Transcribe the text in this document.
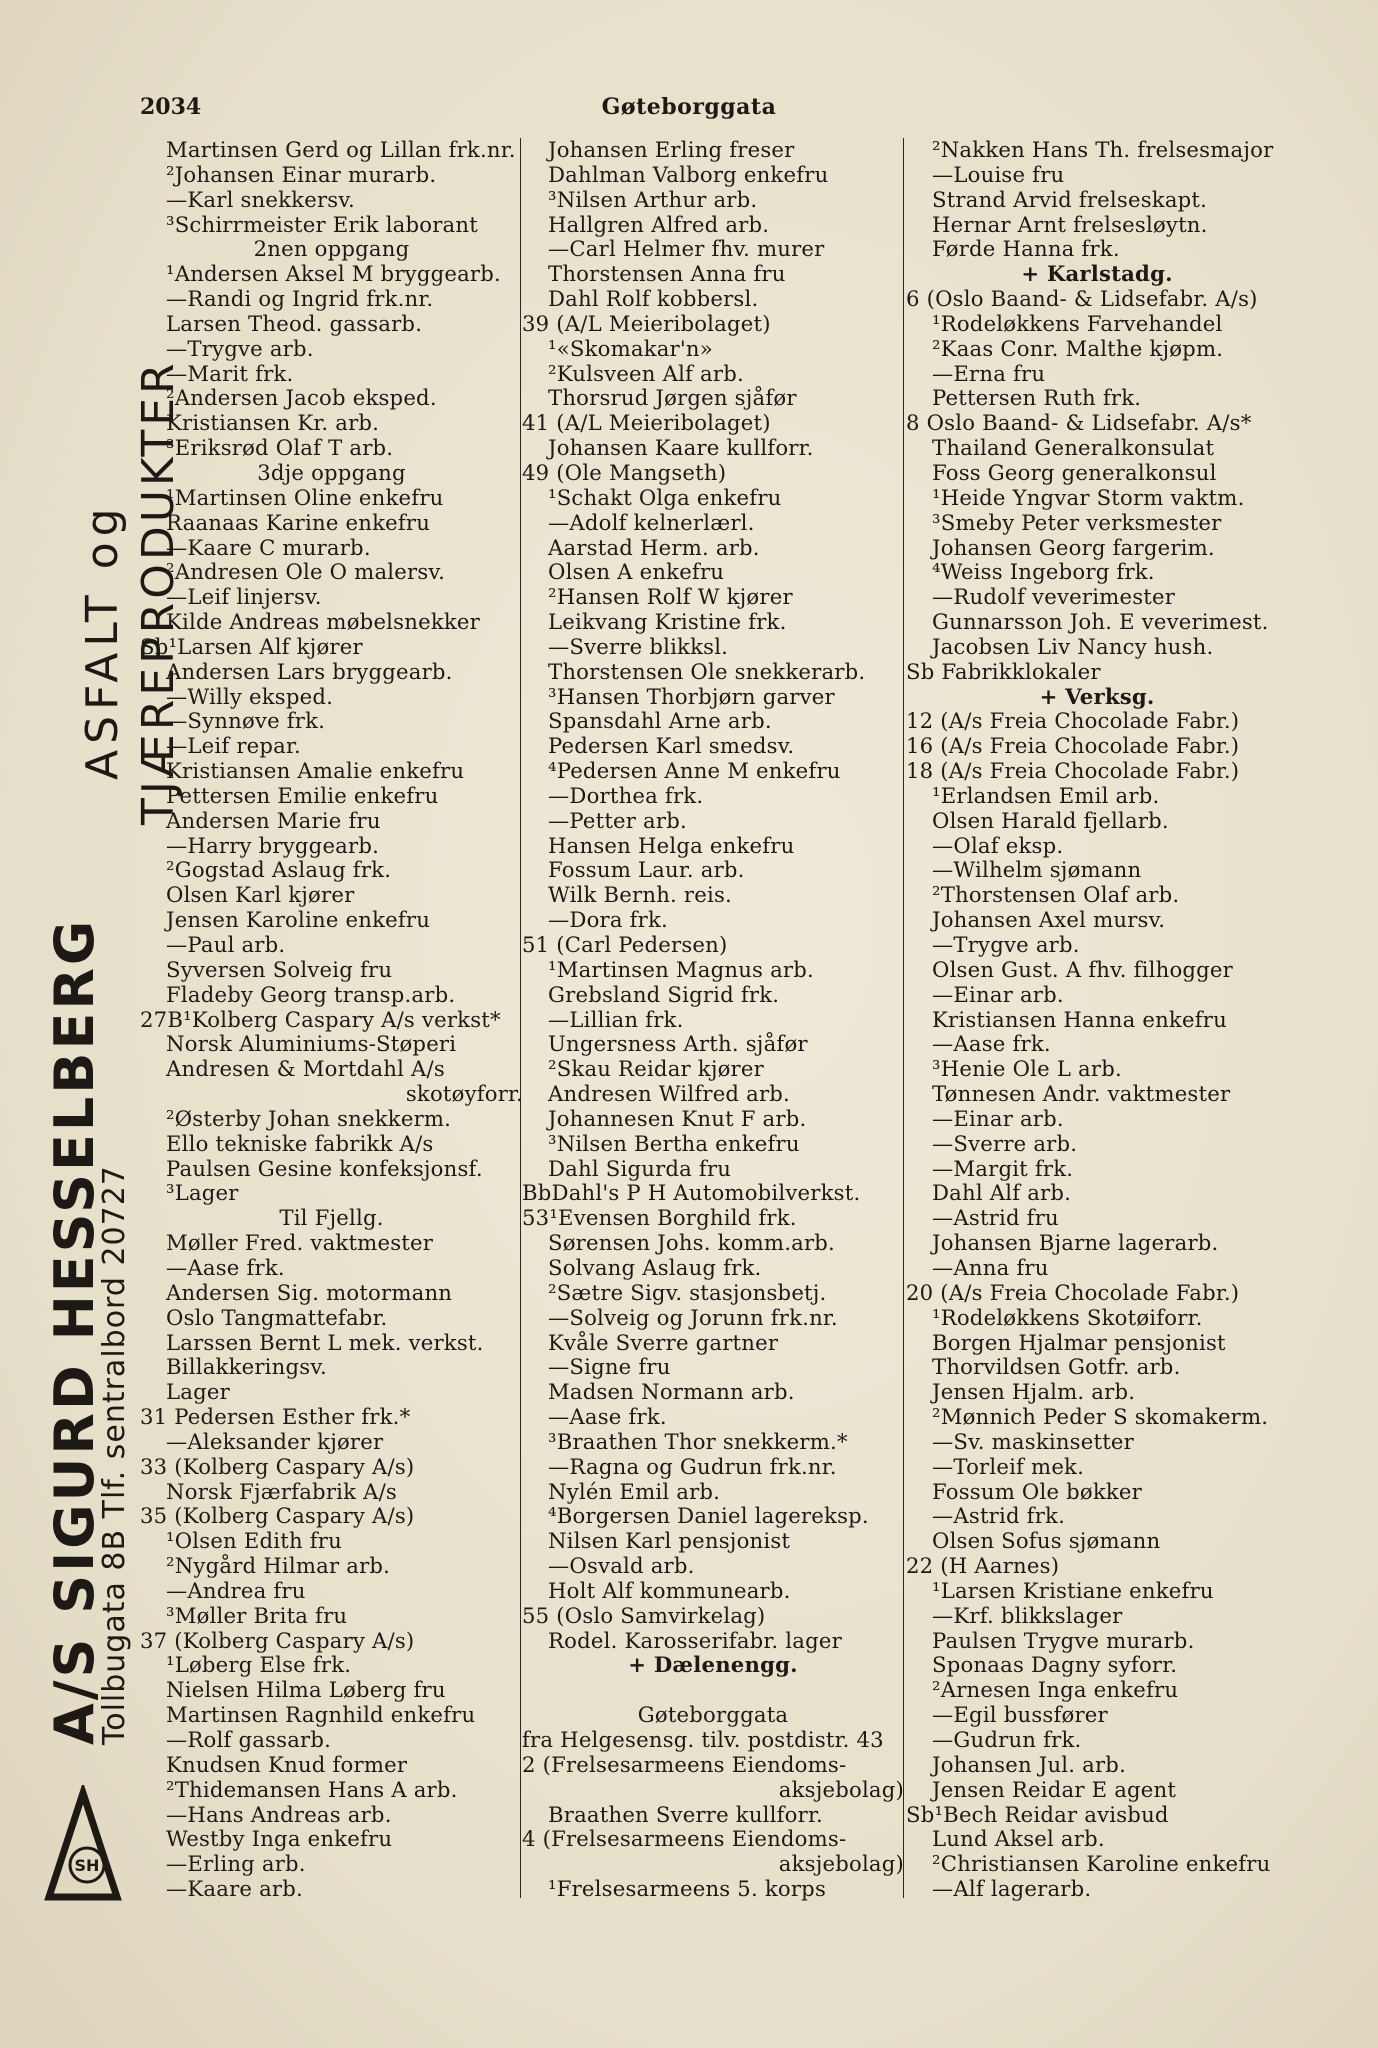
2034	Gøteborggata
A/S SIGURD HESSELBERG
Tollbugata 8B Tlf. sentralbord 20727
ASFALT og TJÆREPRODUKTER
SH
Martinsen Gerd og Lillan frk.nr.
²Johansen Einar murarb.
—Karl snekkersv.
³Schirrmeister Erik laborant
2nen oppgang
¹Andersen Aksel M bryggearb.
—Randi og Ingrid frk.nr.
Larsen Theod. gassarb.
—Trygve arb.
—Marit frk.
²Andersen Jacob eksped.
Kristiansen Kr. arb.
³Eriksrød Olaf T arb.
3dje oppgang
¹Martinsen Oline enkefru
Raanaas Karine enkefru
—Kaare C murarb.
²Andresen Ole O malersv.
—Leif linjersv.
Kilde Andreas møbelsnekker
Sb¹Larsen Alf kjører
Andersen Lars bryggearb.
—Willy eksped.
—Synnøve frk.
—Leif repar.
Kristiansen Amalie enkefru
Pettersen Emilie enkefru
Andersen Marie fru
—Harry bryggearb.
²Gogstad Aslaug frk.
Olsen Karl kjører
Jensen Karoline enkefru
—Paul arb.
Syversen Solveig fru
Fladeby Georg transp.arb.
27B¹Kolberg Caspary A/s verkst*
Norsk Aluminiums-Støperi
Andresen & Mortdahl A/s
skotøyforr.
²Østerby Johan snekkerm.
Ello tekniske fabrikk A/s
Paulsen Gesine konfeksjonsf.
³Lager
Til Fjellg.
Møller Fred. vaktmester
—Aase frk.
Andersen Sig. motormann
Oslo Tangmattefabr.
Larssen Bernt L mek. verkst.
Billakkeringsv.
Lager
31 Pedersen Esther frk.*
—Aleksander kjører
33 (Kolberg Caspary A/s)
Norsk Fjærfabrik A/s
35 (Kolberg Caspary A/s)
¹Olsen Edith fru
²Nygård Hilmar arb.
—Andrea fru
³Møller Brita fru
37 (Kolberg Caspary A/s)
¹Løberg Else frk.
Nielsen Hilma Løberg fru
Martinsen Ragnhild enkefru
—Rolf gassarb.
Knudsen Knud former
²Thidemansen Hans A arb.
—Hans Andreas arb.
Westby Inga enkefru
—Erling arb.
—Kaare arb.
Johansen Erling freser
Dahlman Valborg enkefru
³Nilsen Arthur arb.
Hallgren Alfred arb.
—Carl Helmer fhv. murer
Thorstensen Anna fru
Dahl Rolf kobbersl.
39 (A/L Meieribolaget)
¹«Skomakar'n»
²Kulsveen Alf arb.
Thorsrud Jørgen sjåfør
41 (A/L Meieribolaget)
Johansen Kaare kullforr.
49 (Ole Mangseth)
¹Schakt Olga enkefru
—Adolf kelnerlærl.
Aarstad Herm. arb.
Olsen A enkefru
²Hansen Rolf W kjører
Leikvang Kristine frk.
—Sverre blikksl.
Thorstensen Ole snekkerarb.
³Hansen Thorbjørn garver
Spansdahl Arne arb.
Pedersen Karl smedsv.
⁴Pedersen Anne M enkefru
—Dorthea frk.
—Petter arb.
Hansen Helga enkefru
Fossum Laur. arb.
Wilk Bernh. reis.
—Dora frk.
51 (Carl Pedersen)
¹Martinsen Magnus arb.
Grebsland Sigrid frk.
—Lillian frk.
Ungersness Arth. sjåfør
²Skau Reidar kjører
Andresen Wilfred arb.
Johannesen Knut F arb.
³Nilsen Bertha enkefru
Dahl Sigurda fru
BbDahl's P H Automobilverkst.
53¹Evensen Borghild frk.
Sørensen Johs. komm.arb.
Solvang Aslaug frk.
²Sætre Sigv. stasjonsbetj.
—Solveig og Jorunn frk.nr.
Kvåle Sverre gartner
—Signe fru
Madsen Normann arb.
—Aase frk.
³Braathen Thor snekkerm.*
—Ragna og Gudrun frk.nr.
Nylén Emil arb.
⁴Borgersen Daniel lagereksp.
Nilsen Karl pensjonist
—Osvald arb.
Holt Alf kommunearb.
55 (Oslo Samvirkelag)
Rodel. Karosserifabr. lager
+ Dælenengg.
Gøteborggata
fra Helgesensg. tilv. postdistr. 43
2 (Frelsesarmeens Eiendoms-
aksjebolag)
Braathen Sverre kullforr.
4 (Frelsesarmeens Eiendoms-
aksjebolag)
¹Frelsesarmeens 5. korps
²Nakken Hans Th. frelsesmajor
—Louise fru
Strand Arvid frelseskapt.
Hernar Arnt frelsesløytn.
Førde Hanna frk.
+ Karlstadg.
6 (Oslo Baand- & Lidsefabr. A/s)
¹Rodeløkkens Farvehandel
²Kaas Conr. Malthe kjøpm.
—Erna fru
Pettersen Ruth frk.
8 Oslo Baand- & Lidsefabr. A/s*
Thailand Generalkonsulat
Foss Georg generalkonsul
¹Heide Yngvar Storm vaktm.
³Smeby Peter verksmester
Johansen Georg fargerim.
⁴Weiss Ingeborg frk.
—Rudolf veverimester
Gunnarsson Joh. E veverimest.
Jacobsen Liv Nancy hush.
Sb Fabrikklokaler
+ Verksg.
12 (A/s Freia Chocolade Fabr.)
16 (A/s Freia Chocolade Fabr.)
18 (A/s Freia Chocolade Fabr.)
¹Erlandsen Emil arb.
Olsen Harald fjellarb.
—Olaf eksp.
—Wilhelm sjømann
²Thorstensen Olaf arb.
Johansen Axel mursv.
—Trygve arb.
Olsen Gust. A fhv. filhogger
—Einar arb.
Kristiansen Hanna enkefru
—Aase frk.
³Henie Ole L arb.
Tønnesen Andr. vaktmester
—Einar arb.
—Sverre arb.
—Margit frk.
Dahl Alf arb.
—Astrid fru
Johansen Bjarne lagerarb.
—Anna fru
20 (A/s Freia Chocolade Fabr.)
¹Rodeløkkens Skotøiforr.
Borgen Hjalmar pensjonist
Thorvildsen Gotfr. arb.
Jensen Hjalm. arb.
²Mønnich Peder S skomakerm.
—Sv. maskinsetter
—Torleif mek.
Fossum Ole bøkker
—Astrid frk.
Olsen Sofus sjømann
22 (H Aarnes)
¹Larsen Kristiane enkefru
—Krf. blikkslager
Paulsen Trygve murarb.
Sponaas Dagny syforr.
²Arnesen Inga enkefru
—Egil bussfører
—Gudrun frk.
Johansen Jul. arb.
Jensen Reidar E agent
Sb¹Bech Reidar avisbud
Lund Aksel arb.
²Christiansen Karoline enkefru
—Alf lagerarb.
